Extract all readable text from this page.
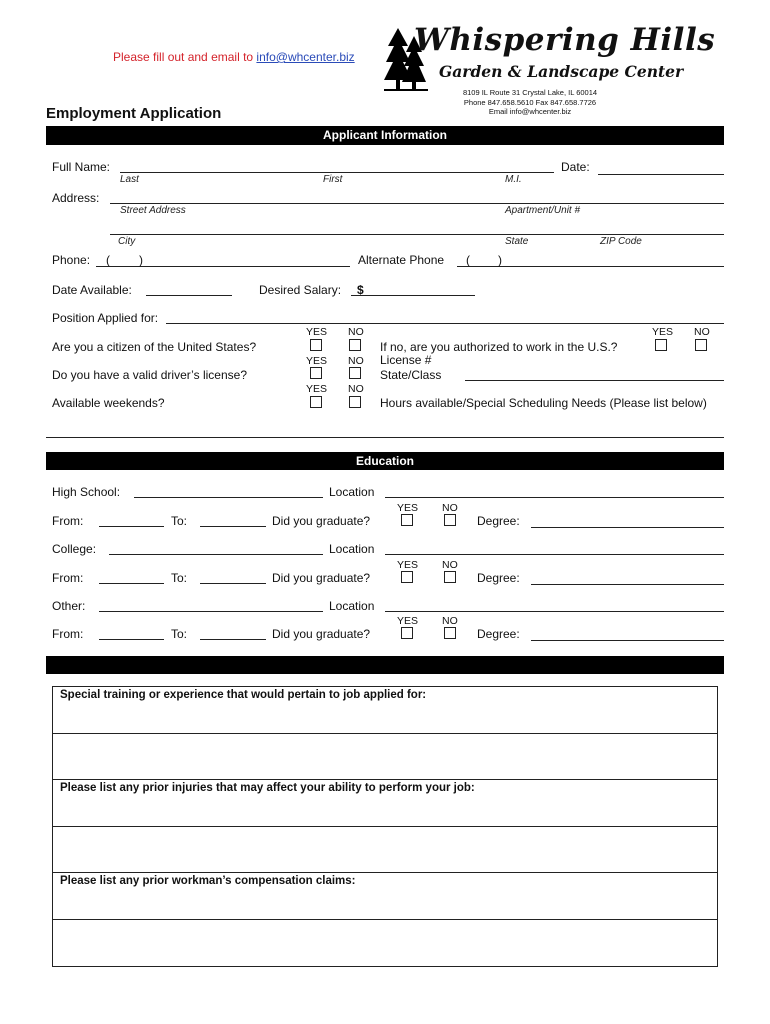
Please fill out and email to info@whcenter.biz Whispering Hills
Garden & Landscape Center
8109 IL Route 31 Crystal Lake, IL 60014
Phone 847.658.5610 Fax 847.658.7726
Email info@whcenter.biz
Employment Application
Applicant Information
Full Name:
Last	First	M.I.
Date:
Address:
Street Address	Apartment/Unit #
City	State	ZIP Code
Phone: ( )	Alternate Phone ( )
Date Available:	Desired Salary: $
Position Applied for:
YES NO
Are you a citizen of the United States?
YES NO
If no, are you authorized to work in the U.S.?
YES NO License #
Do you have a valid driver’s license?	State/Class
YES NO
Available weekends?	Hours available/Special Scheduling Needs (Please list below)
Education
High School:	Location
YES NO
From:	To:	Did you graduate?	Degree:
College:	Location
YES NO
From:	To:	Did you graduate?	Degree:
Other:	Location
YES NO
From:	To:	Did you graduate?	Degree:
Special training or experience that would pertain to job applied for:
Please list any prior injuries that may affect your ability to perform your job:
Please list any prior workman’s compensation claims:
